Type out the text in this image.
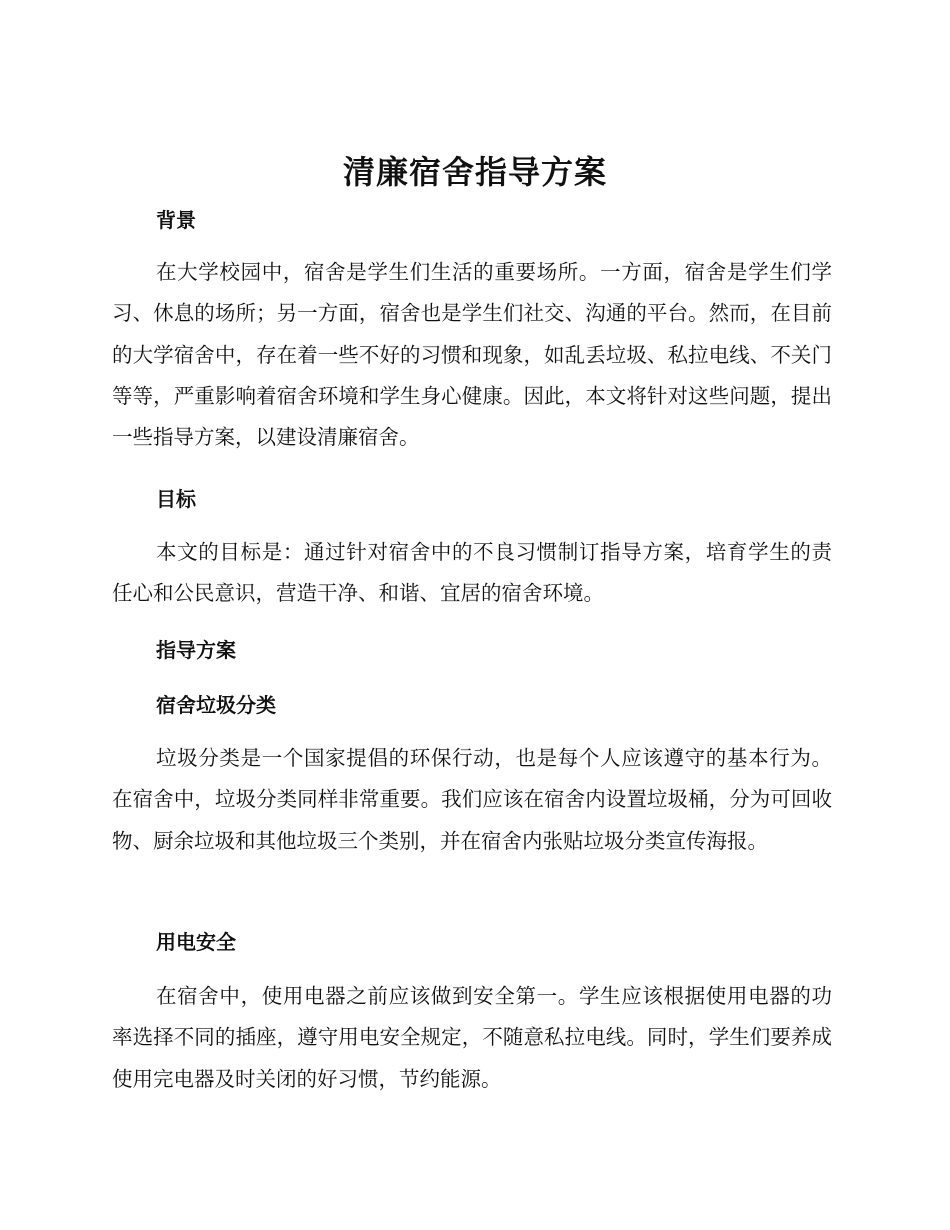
清廉宿舍指导方案
背景

在大学校园中，宿舍是学生们生活的重要场所。一方面，宿舍是学生们学习、休息的场所；另一方面，宿舍也是学生们社交、沟通的平台。然而，在目前的大学宿舍中，存在着一些不好的习惯和现象，如乱丢垃圾、私拉电线、不关门等等，严重影响着宿舍环境和学生身心健康。因此，本文将针对这些问题，提出一些指导方案，以建设清廉宿舍。

目标

本文的目标是：通过针对宿舍中的不良习惯制订指导方案，培育学生的责任心和公民意识，营造干净、和谐、宜居的宿舍环境。

指导方案
宿舍垃圾分类

垃圾分类是一个国家提倡的环保行动，也是每个人应该遵守的基本行为。在宿舍中，垃圾分类同样非常重要。我们应该在宿舍内设置垃圾桶，分为可回收物、厨余垃圾和其他垃圾三个类别，并在宿舍内张贴垃圾分类宣传海报。

用电安全

在宿舍中，使用电器之前应该做到安全第一。学生应该根据使用电器的功率选择不同的插座，遵守用电安全规定，不随意私拉电线。同时，学生们要养成使用完电器及时关闭的好习惯，节约能源。
